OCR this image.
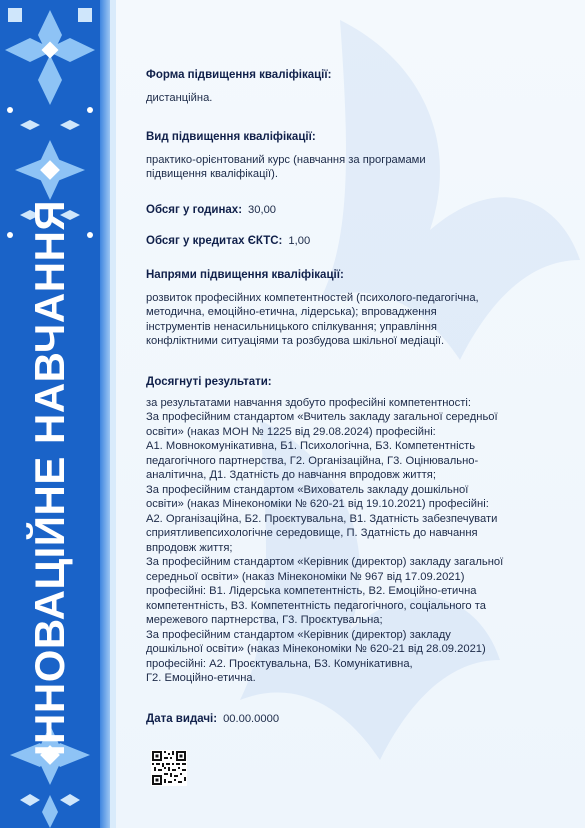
ІННОВАЦІЙНЕ НАВЧАННЯ
Форма підвищення кваліфікації:
дистанційна.
Вид підвищення кваліфікації:
практико-орієнтований курс (навчання за програмами
підвищення кваліфікації).
Обсяг у годинах: 30,00
Обсяг у кредитах ЄКТС: 1,00
Напрями підвищення кваліфікації:
розвиток професійних компетентностей (психолого-педагогічна,
методична, емоційно-етична, лідерська); впровадження
інструментів ненасильницького спілкування; управління
конфліктними ситуаціями та розбудова шкільної медіації.
Досягнуті результати:
за результатами навчання здобуто професійні компетентності:
За професійним стандартом «Вчитель закладу загальної середньої
освіти» (наказ МОН № 1225 від 29.08.2024) професійні:
А1. Мовнокомунікативна, Б1. Психологічна, Б3. Компетентність
педагогічного партнерства, Г2. Організаційна, Г3. Оцінювально-
аналітична, Д1. Здатність до навчання впродовж життя;
За професійним стандартом «Вихователь закладу дошкільної
освіти» (наказ Мінекономіки № 620-21 від 19.10.2021) професійні:
А2. Організаційна, Б2. Проєктувальна, В1. Здатність забезпечувати
сприятливепсихологічне середовище, П. Здатність до навчання
впродовж життя;
За професійним стандартом «Керівник (директор) закладу загальної
середньої освіти» (наказ Мінекономіки № 967 від 17.09.2021)
професійні: В1. Лідерська компетентність, В2. Емоційно-етична
компетентність, В3. Компетентність педагогічного, соціального та
мережевого партнерства, Г3. Проєктувальна;
За професійним стандартом «Керівник (директор) закладу
дошкільної освіти» (наказ Мінекономіки № 620-21 від 28.09.2021)
професійні: А2. Проєктувальна, Б3. Комунікативна,
Г2. Емоційно-етична.
Дата видачі: 00.00.0000
